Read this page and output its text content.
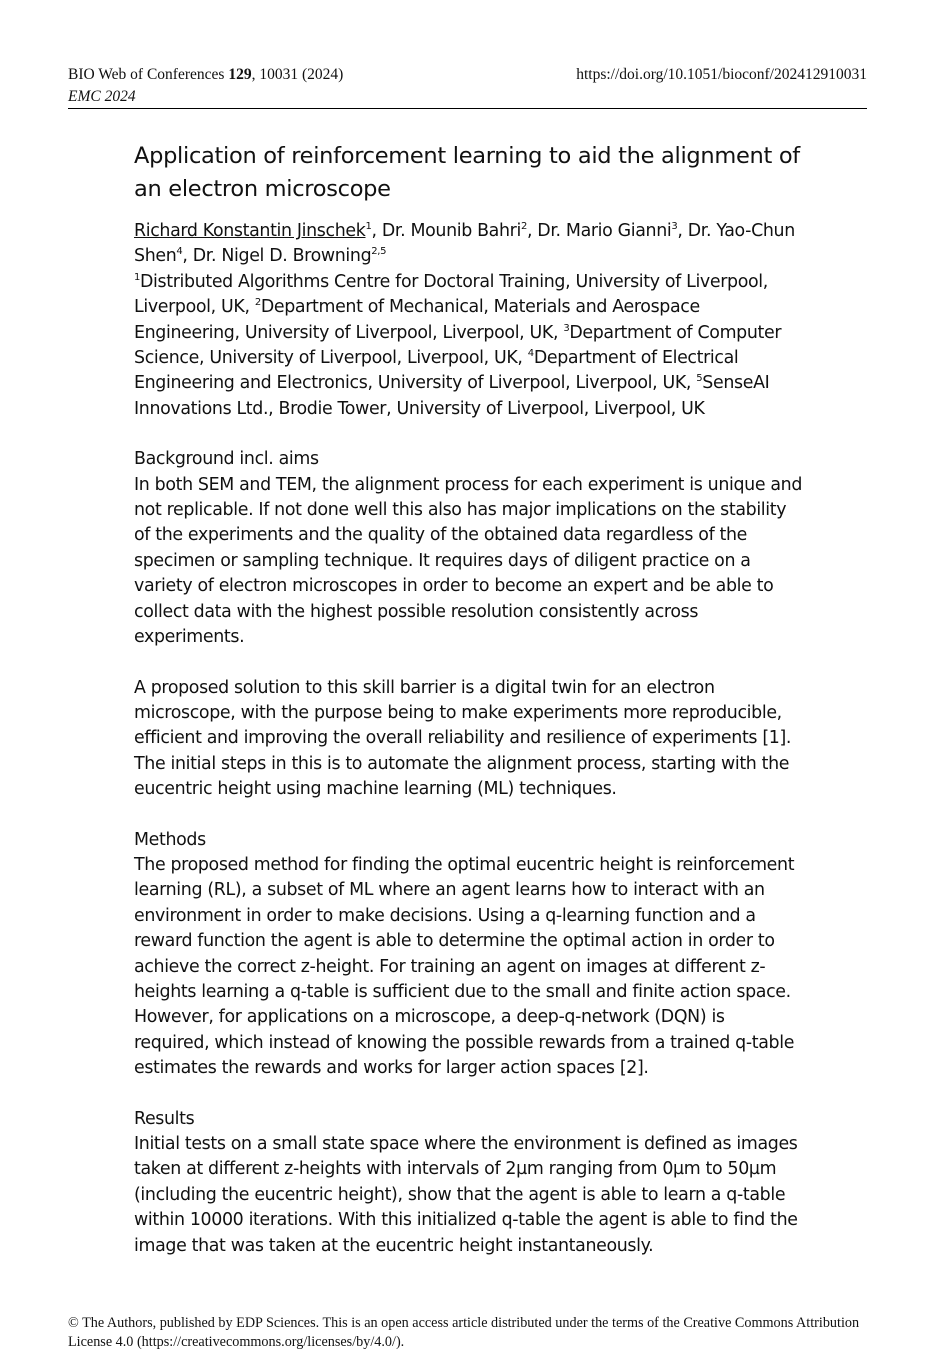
BIO Web of Conferences 129, 10031 (2024)	https://doi.org/10.1051/bioconf/202412910031
EMC 2024
Application of reinforcement learning to aid the alignment of an electron microscope

Richard Konstantin Jinschek$^1$, Dr. Mounib Bahri$^2$, Dr. Mario Gianni$^3$, Dr. Yao-Chun Shen$^4$, Dr. Nigel D. Browning$^{2,5}$

$^1$Distributed Algorithms Centre for Doctoral Training, University of Liverpool, Liverpool, UK, $^2$Department of Mechanical, Materials and Aerospace Engineering, University of Liverpool, Liverpool, UK, $^3$Department of Computer Science, University of Liverpool, Liverpool, UK, $^4$Department of Electrical Engineering and Electronics, University of Liverpool, Liverpool, UK, $^5$SenseAI Innovations Ltd., Brodie Tower, University of Liverpool, Liverpool, UK

Background incl. aims

In both SEM and TEM, the alignment process for each experiment is unique and not replicable. If not done well this also has major implications on the stability of the experiments and the quality of the obtained data regardless of the specimen or sampling technique. It requires days of diligent practice on a variety of electron microscopes in order to become an expert and be able to collect data with the highest possible resolution consistently across experiments.

A proposed solution to this skill barrier is a digital twin for an electron microscope, with the purpose being to make experiments more reproducible, efficient and improving the overall reliability and resilience of experiments [1]. The initial steps in this is to automate the alignment process, starting with the eucentric height using machine learning (ML) techniques.

Methods

The proposed method for finding the optimal eucentric height is reinforcement learning (RL), a subset of ML where an agent learns how to interact with an environment in order to make decisions. Using a q-learning function and a reward function the agent is able to determine the optimal action in order to achieve the correct z-height. For training an agent on images at different z-heights learning a q-table is sufficient due to the small and finite action space. However, for applications on a microscope, a deep-q-network (DQN) is required, which instead of knowing the possible rewards from a trained q-table estimates the rewards and works for larger action spaces [2].

Results

Initial tests on a small state space where the environment is defined as images taken at different z-heights with intervals of 2µm ranging from 0µm to 50µm (including the eucentric height), show that the agent is able to learn a q-table within 10000 iterations. With this initialized q-table the agent is able to find the image that was taken at the eucentric height instantaneously.

© The Authors, published by EDP Sciences. This is an open access article distributed under the terms of the Creative Commons Attribution License 4.0 (https://creativecommons.org/licenses/by/4.0/).
